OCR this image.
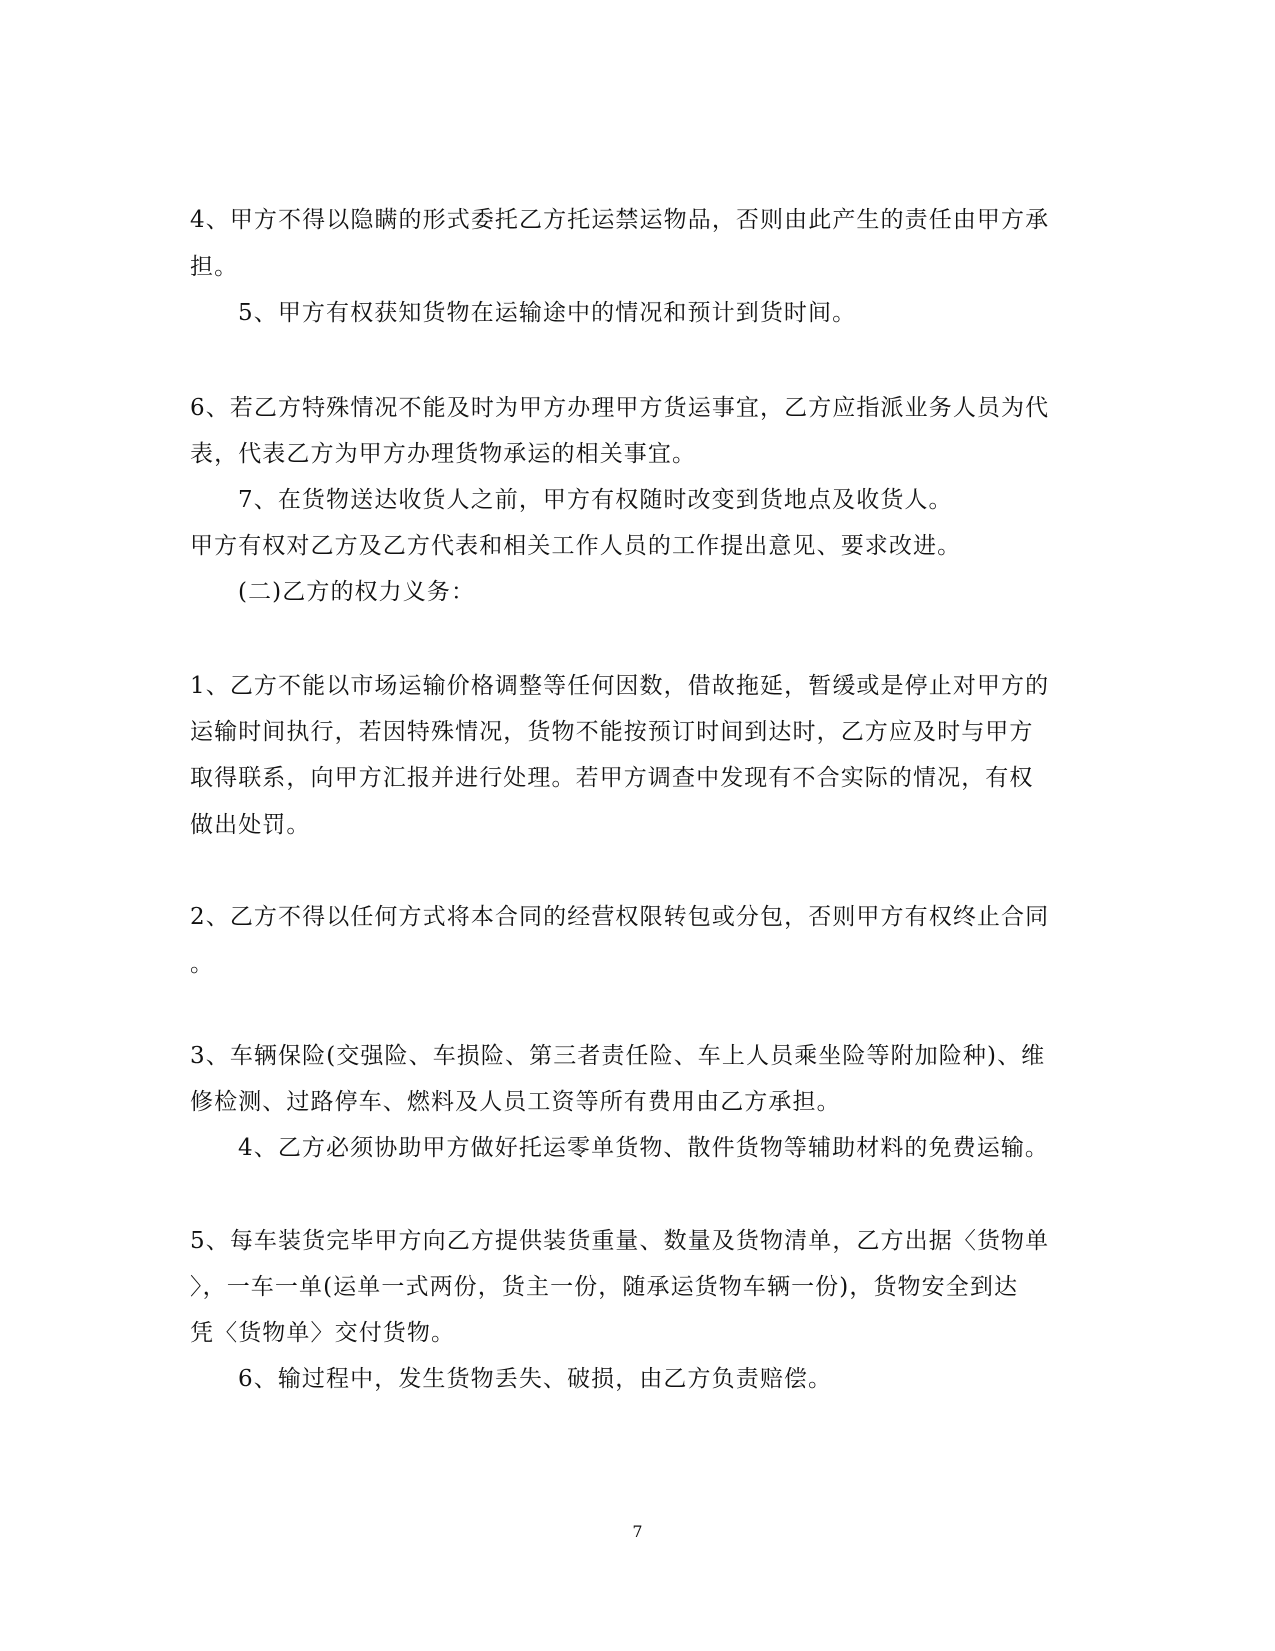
4、甲方不得以隐瞒的形式委托乙方托运禁运物品，否则由此产生的责任由甲方承
担。
5、甲方有权获知货物在运输途中的情况和预计到货时间。
6、若乙方特殊情况不能及时为甲方办理甲方货运事宜，乙方应指派业务人员为代
表，代表乙方为甲方办理货物承运的相关事宜。
7、在货物送达收货人之前，甲方有权随时改变到货地点及收货人。
甲方有权对乙方及乙方代表和相关工作人员的工作提出意见、要求改进。
(二)乙方的权力义务：
1、乙方不能以市场运输价格调整等任何因数，借故拖延，暂缓或是停止对甲方的
运输时间执行，若因特殊情况，货物不能按预订时间到达时，乙方应及时与甲方
取得联系，向甲方汇报并进行处理。若甲方调查中发现有不合实际的情况，有权
做出处罚。
2、乙方不得以任何方式将本合同的经营权限转包或分包，否则甲方有权终止合同
。
3、车辆保险(交强险、车损险、第三者责任险、车上人员乘坐险等附加险种)、维
修检测、过路停车、燃料及人员工资等所有费用由乙方承担。
4、乙方必须协助甲方做好托运零单货物、散件货物等辅助材料的免费运输。
5、每车装货完毕甲方向乙方提供装货重量、数量及货物清单，乙方出据〈货物单
〉，一车一单(运单一式两份，货主一份，随承运货物车辆一份)，货物安全到达
凭〈货物单〉交付货物。
6、输过程中，发生货物丢失、破损，由乙方负责赔偿。
7
